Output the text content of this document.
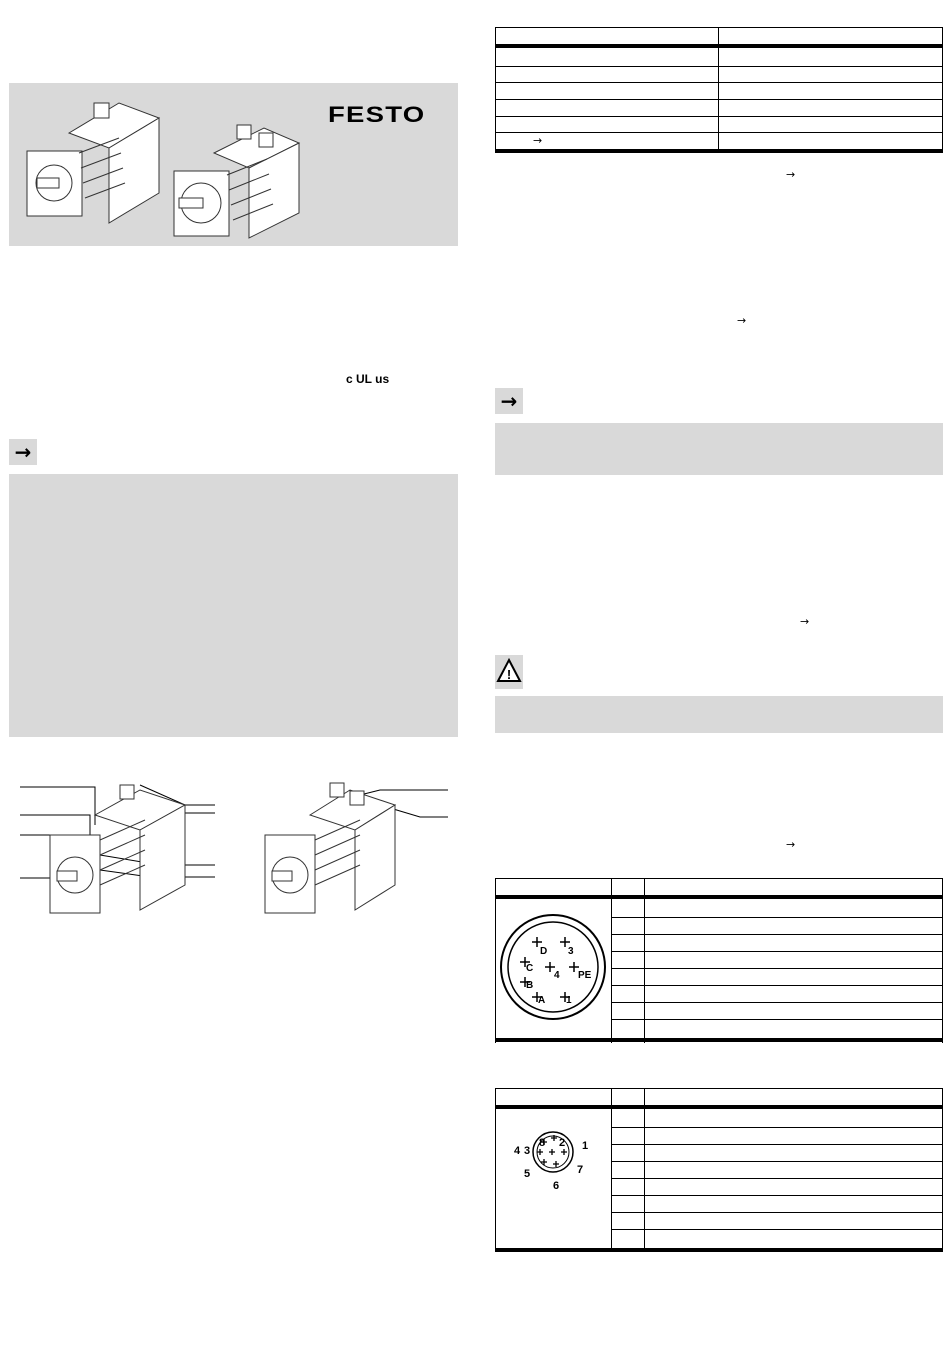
FESTO
c UL us
→
→
→
→
→
→
!
→
D 3
C
4 PE
B
A 1
8 2
3	1
4
7
5
6
